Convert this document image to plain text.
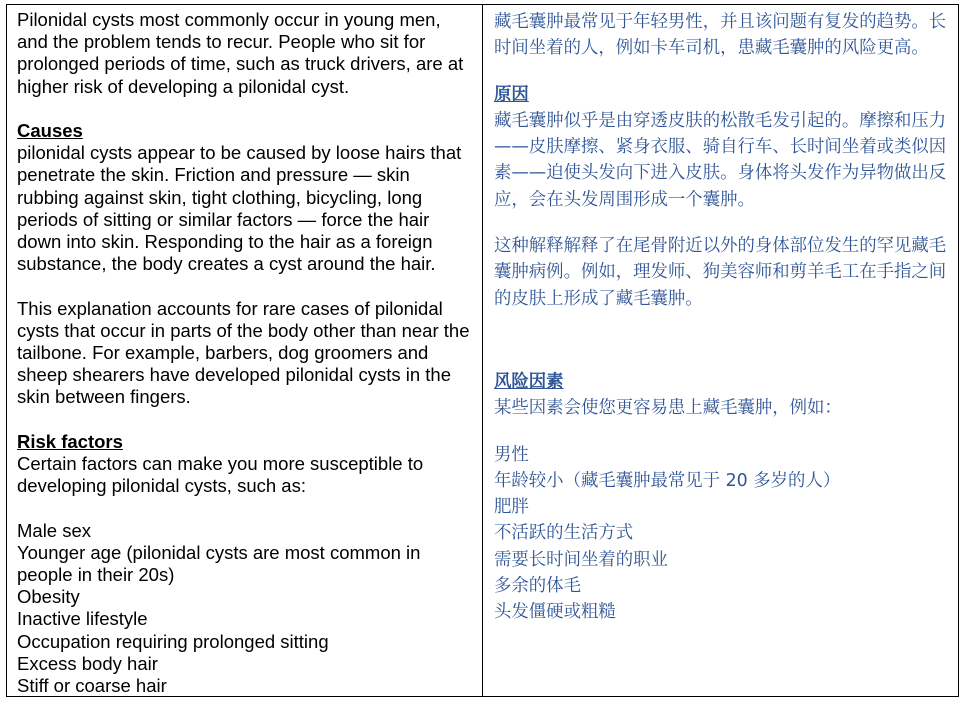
Pilonidal cysts most commonly occur in young men, and the problem tends to recur. People who sit for prolonged periods of time, such as truck drivers, are at higher risk of developing a pilonidal cyst.

Causes

pilonidal cysts appear to be caused by loose hairs that penetrate the skin. Friction and pressure — skin rubbing against skin, tight clothing, bicycling, long periods of sitting or similar factors — force the hair down into skin. Responding to the hair as a foreign substance, the body creates a cyst around the hair.

This explanation accounts for rare cases of pilonidal cysts that occur in parts of the body other than near the tailbone. For example, barbers, dog groomers and sheep shearers have developed pilonidal cysts in the skin between fingers.

Risk factors

Certain factors can make you more susceptible to developing pilonidal cysts, such as:

Male sex
Younger age (pilonidal cysts are most common in people in their 20s)
Obesity
Inactive lifestyle
Occupation requiring prolonged sitting
Excess body hair
Stiff or coarse hair

藏毛囊肿最常见于年轻男性，并且该问题有复发的趋势。长时间坐着的人，例如卡车司机，患藏毛囊肿的风险更高。

原因

藏毛囊肿似乎是由穿透皮肤的松散毛发引起的。摩擦和压力——皮肤摩擦、紧身衣服、骑自行车、长时间坐着或类似因素——迫使头发向下进入皮肤。身体将头发作为异物做出反应，会在头发周围形成一个囊肿。

这种解释解释了在尾骨附近以外的身体部位发生的罕见藏毛囊肿病例。例如，理发师、狗美容师和剪羊毛工在手指之间的皮肤上形成了藏毛囊肿。

风险因素

某些因素会使您更容易患上藏毛囊肿，例如：

男性
年龄较小（藏毛囊肿最常见于 20 多岁的人）
肥胖
不活跃的生活方式
需要长时间坐着的职业
多余的体毛
头发僵硬或粗糙
